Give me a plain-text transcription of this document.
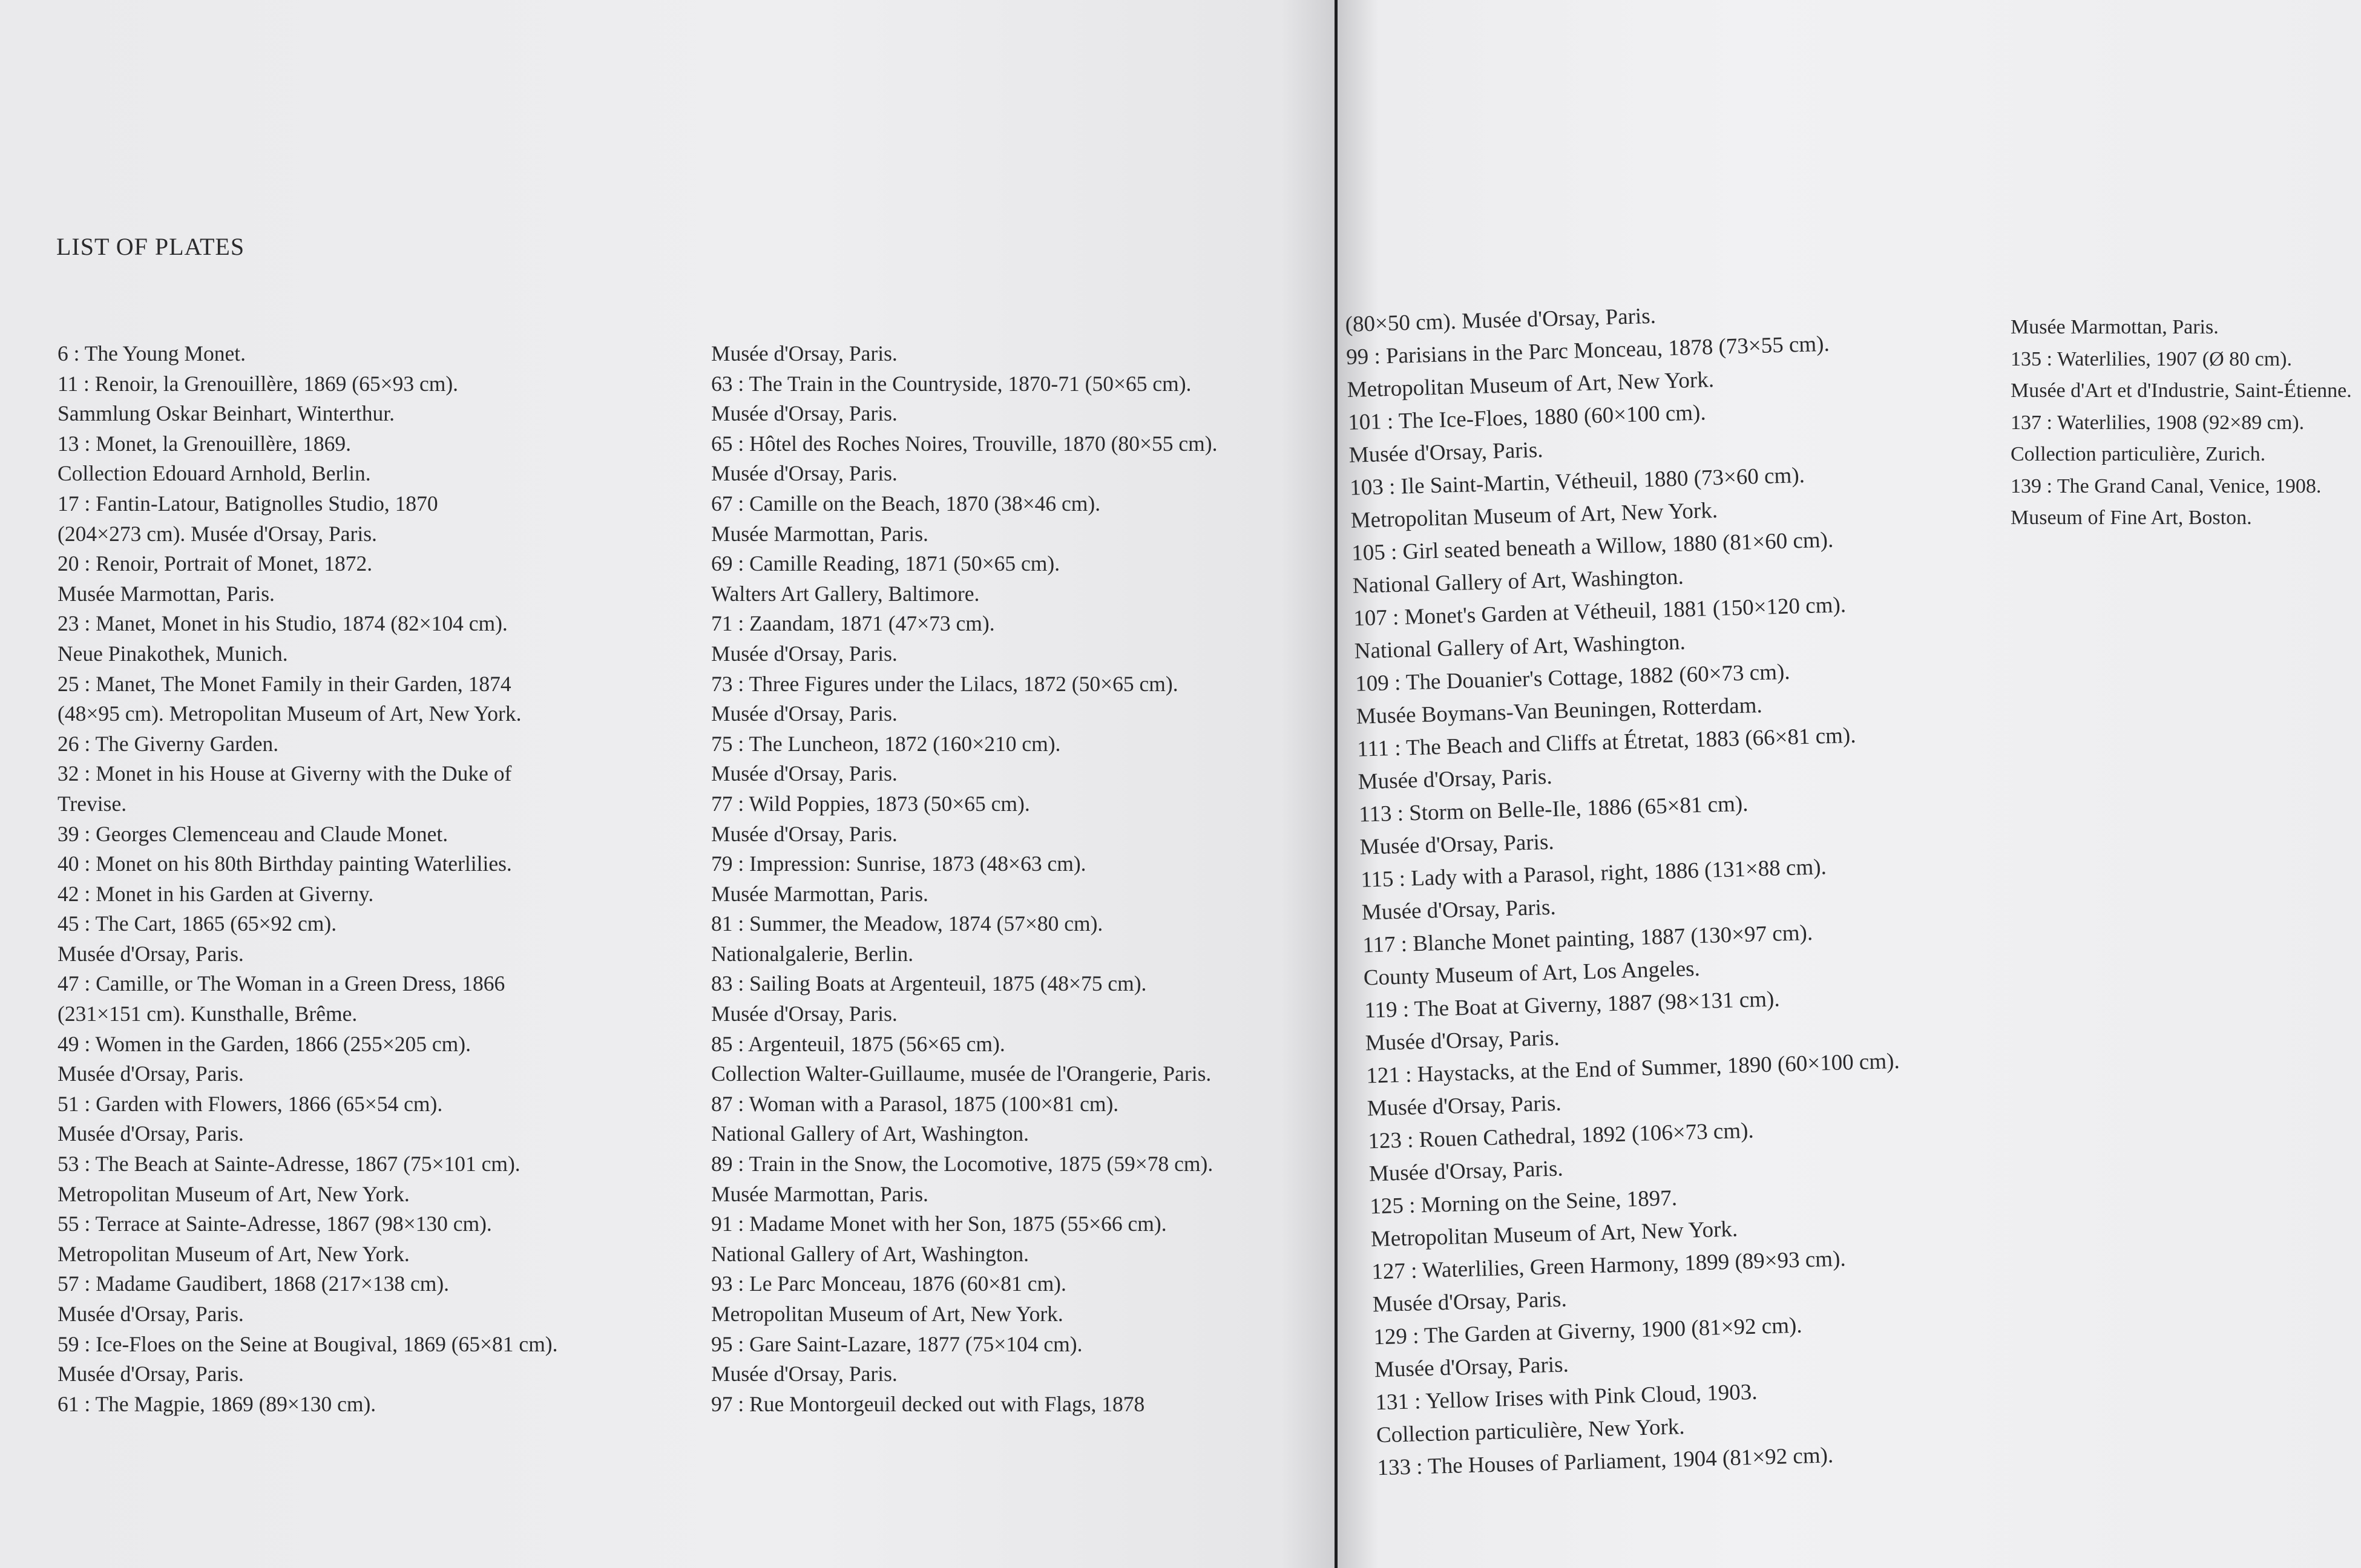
LIST OF PLATES
6 : The Young Monet.
11 : Renoir, la Grenouillère, 1869 (65×93 cm).
Sammlung Oskar Beinhart, Winterthur.
13 : Monet, la Grenouillère, 1869.
Collection Edouard Arnhold, Berlin.
17 : Fantin-Latour, Batignolles Studio, 1870
(204×273 cm). Musée d'Orsay, Paris.
20 : Renoir, Portrait of Monet, 1872.
Musée Marmottan, Paris.
23 : Manet, Monet in his Studio, 1874 (82×104 cm).
Neue Pinakothek, Munich.
25 : Manet, The Monet Family in their Garden, 1874
(48×95 cm). Metropolitan Museum of Art, New York.
26 : The Giverny Garden.
32 : Monet in his House at Giverny with the Duke of
Trevise.
39 : Georges Clemenceau and Claude Monet.
40 : Monet on his 80th Birthday painting Waterlilies.
42 : Monet in his Garden at Giverny.
45 : The Cart, 1865 (65×92 cm).
Musée d'Orsay, Paris.
47 : Camille, or The Woman in a Green Dress, 1866
(231×151 cm). Kunsthalle, Brême.
49 : Women in the Garden, 1866 (255×205 cm).
Musée d'Orsay, Paris.
51 : Garden with Flowers, 1866 (65×54 cm).
Musée d'Orsay, Paris.
53 : The Beach at Sainte-Adresse, 1867 (75×101 cm).
Metropolitan Museum of Art, New York.
55 : Terrace at Sainte-Adresse, 1867 (98×130 cm).
Metropolitan Museum of Art, New York.
57 : Madame Gaudibert, 1868 (217×138 cm).
Musée d'Orsay, Paris.
59 : Ice-Floes on the Seine at Bougival, 1869 (65×81 cm).
Musée d'Orsay, Paris.
61 : The Magpie, 1869 (89×130 cm).
Musée d'Orsay, Paris.
63 : The Train in the Countryside, 1870-71 (50×65 cm).
Musée d'Orsay, Paris.
65 : Hôtel des Roches Noires, Trouville, 1870 (80×55 cm).
Musée d'Orsay, Paris.
67 : Camille on the Beach, 1870 (38×46 cm).
Musée Marmottan, Paris.
69 : Camille Reading, 1871 (50×65 cm).
Walters Art Gallery, Baltimore.
71 : Zaandam, 1871 (47×73 cm).
Musée d'Orsay, Paris.
73 : Three Figures under the Lilacs, 1872 (50×65 cm).
Musée d'Orsay, Paris.
75 : The Luncheon, 1872 (160×210 cm).
Musée d'Orsay, Paris.
77 : Wild Poppies, 1873 (50×65 cm).
Musée d'Orsay, Paris.
79 : Impression: Sunrise, 1873 (48×63 cm).
Musée Marmottan, Paris.
81 : Summer, the Meadow, 1874 (57×80 cm).
Nationalgalerie, Berlin.
83 : Sailing Boats at Argenteuil, 1875 (48×75 cm).
Musée d'Orsay, Paris.
85 : Argenteuil, 1875 (56×65 cm).
Collection Walter-Guillaume, musée de l'Orangerie, Paris.
87 : Woman with a Parasol, 1875 (100×81 cm).
National Gallery of Art, Washington.
89 : Train in the Snow, the Locomotive, 1875 (59×78 cm).
Musée Marmottan, Paris.
91 : Madame Monet with her Son, 1875 (55×66 cm).
National Gallery of Art, Washington.
93 : Le Parc Monceau, 1876 (60×81 cm).
Metropolitan Museum of Art, New York.
95 : Gare Saint-Lazare, 1877 (75×104 cm).
Musée d'Orsay, Paris.
97 : Rue Montorgeuil decked out with Flags, 1878
(80×50 cm). Musée d'Orsay, Paris.
99 : Parisians in the Parc Monceau, 1878 (73×55 cm).
Metropolitan Museum of Art, New York.
101 : The Ice-Floes, 1880 (60×100 cm).
Musée d'Orsay, Paris.
103 : Ile Saint-Martin, Vétheuil, 1880 (73×60 cm).
Metropolitan Museum of Art, New York.
105 : Girl seated beneath a Willow, 1880 (81×60 cm).
National Gallery of Art, Washington.
107 : Monet's Garden at Vétheuil, 1881 (150×120 cm).
National Gallery of Art, Washington.
109 : The Douanier's Cottage, 1882 (60×73 cm).
Musée Boymans-Van Beuningen, Rotterdam.
111 : The Beach and Cliffs at Étretat, 1883 (66×81 cm).
Musée d'Orsay, Paris.
113 : Storm on Belle-Ile, 1886 (65×81 cm).
Musée d'Orsay, Paris.
115 : Lady with a Parasol, right, 1886 (131×88 cm).
Musée d'Orsay, Paris.
117 : Blanche Monet painting, 1887 (130×97 cm).
County Museum of Art, Los Angeles.
119 : The Boat at Giverny, 1887 (98×131 cm).
Musée d'Orsay, Paris.
121 : Haystacks, at the End of Summer, 1890 (60×100 cm).
Musée d'Orsay, Paris.
123 : Rouen Cathedral, 1892 (106×73 cm).
Musée d'Orsay, Paris.
125 : Morning on the Seine, 1897.
Metropolitan Museum of Art, New York.
127 : Waterlilies, Green Harmony, 1899 (89×93 cm).
Musée d'Orsay, Paris.
129 : The Garden at Giverny, 1900 (81×92 cm).
Musée d'Orsay, Paris.
131 : Yellow Irises with Pink Cloud, 1903.
Collection particulière, New York.
133 : The Houses of Parliament, 1904 (81×92 cm).
Musée Marmottan, Paris.
135 : Waterlilies, 1907 (Ø 80 cm).
Musée d'Art et d'Industrie, Saint-Étienne.
137 : Waterlilies, 1908 (92×89 cm).
Collection particulière, Zurich.
139 : The Grand Canal, Venice, 1908.
Museum of Fine Art, Boston.
